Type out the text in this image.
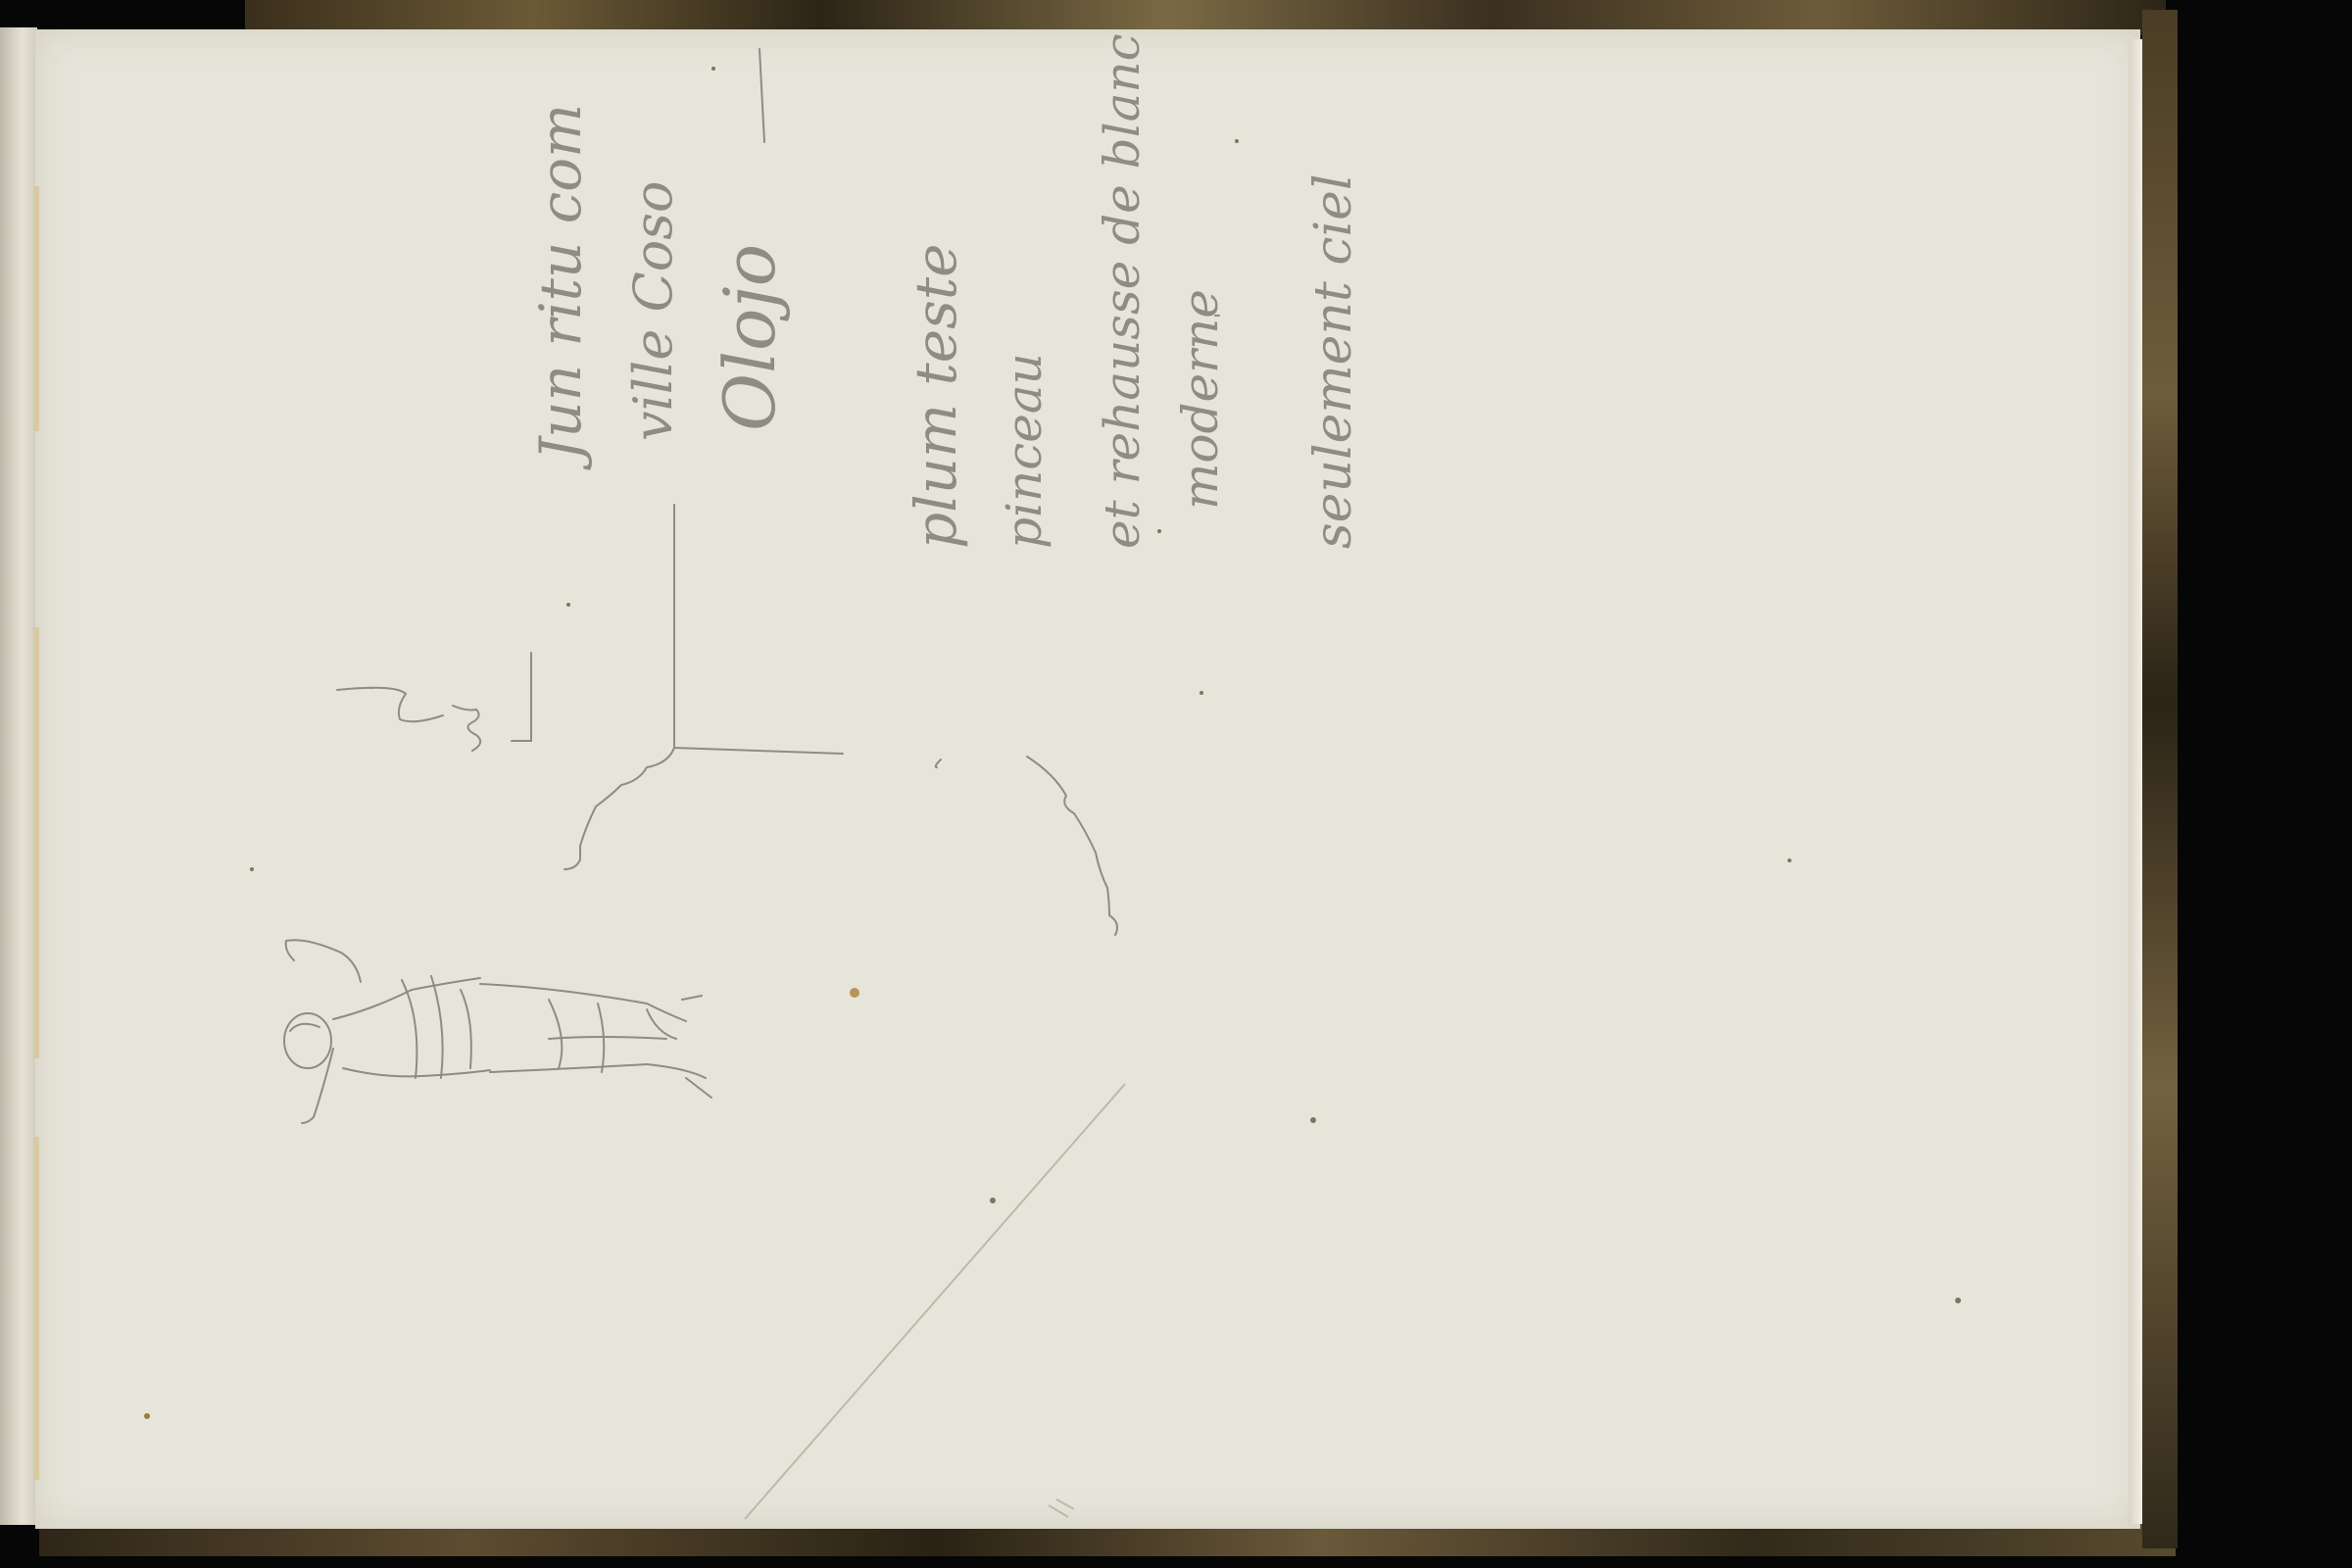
Jun ritu com ville Coso Olojo plum teste pinceau et rehausse de blanc moderne seulement ciel
